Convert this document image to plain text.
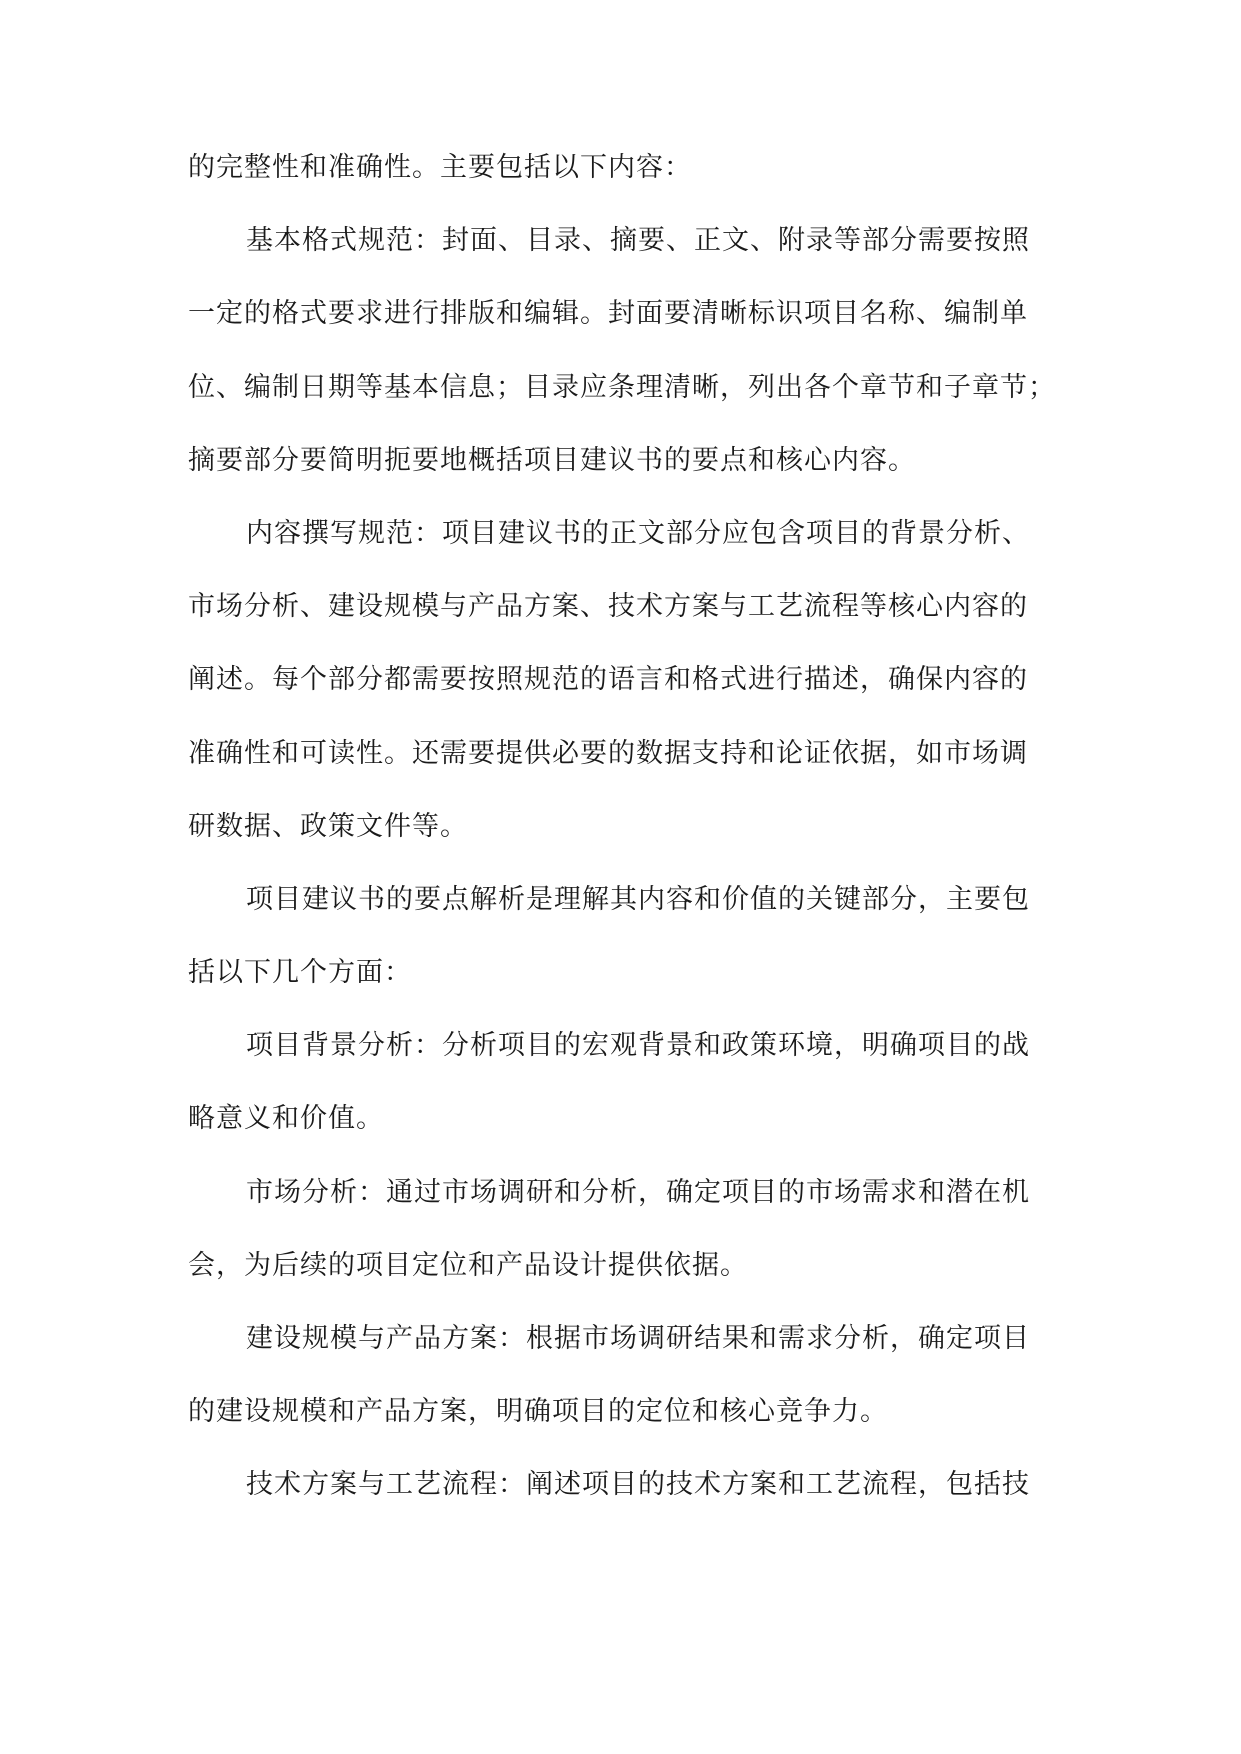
的完整性和准确性。主要包括以下内容：
基本格式规范：封面、目录、摘要、正文、附录等部分需要按照
一定的格式要求进行排版和编辑。封面要清晰标识项目名称、编制单
位、编制日期等基本信息；目录应条理清晰，列出各个章节和子章节；
摘要部分要简明扼要地概括项目建议书的要点和核心内容。
内容撰写规范：项目建议书的正文部分应包含项目的背景分析、
市场分析、建设规模与产品方案、技术方案与工艺流程等核心内容的
阐述。每个部分都需要按照规范的语言和格式进行描述，确保内容的
准确性和可读性。还需要提供必要的数据支持和论证依据，如市场调
研数据、政策文件等。
项目建议书的要点解析是理解其内容和价值的关键部分，主要包
括以下几个方面：
项目背景分析：分析项目的宏观背景和政策环境，明确项目的战
略意义和价值。
市场分析：通过市场调研和分析，确定项目的市场需求和潜在机
会，为后续的项目定位和产品设计提供依据。
建设规模与产品方案：根据市场调研结果和需求分析，确定项目
的建设规模和产品方案，明确项目的定位和核心竞争力。
技术方案与工艺流程：阐述项目的技术方案和工艺流程，包括技
